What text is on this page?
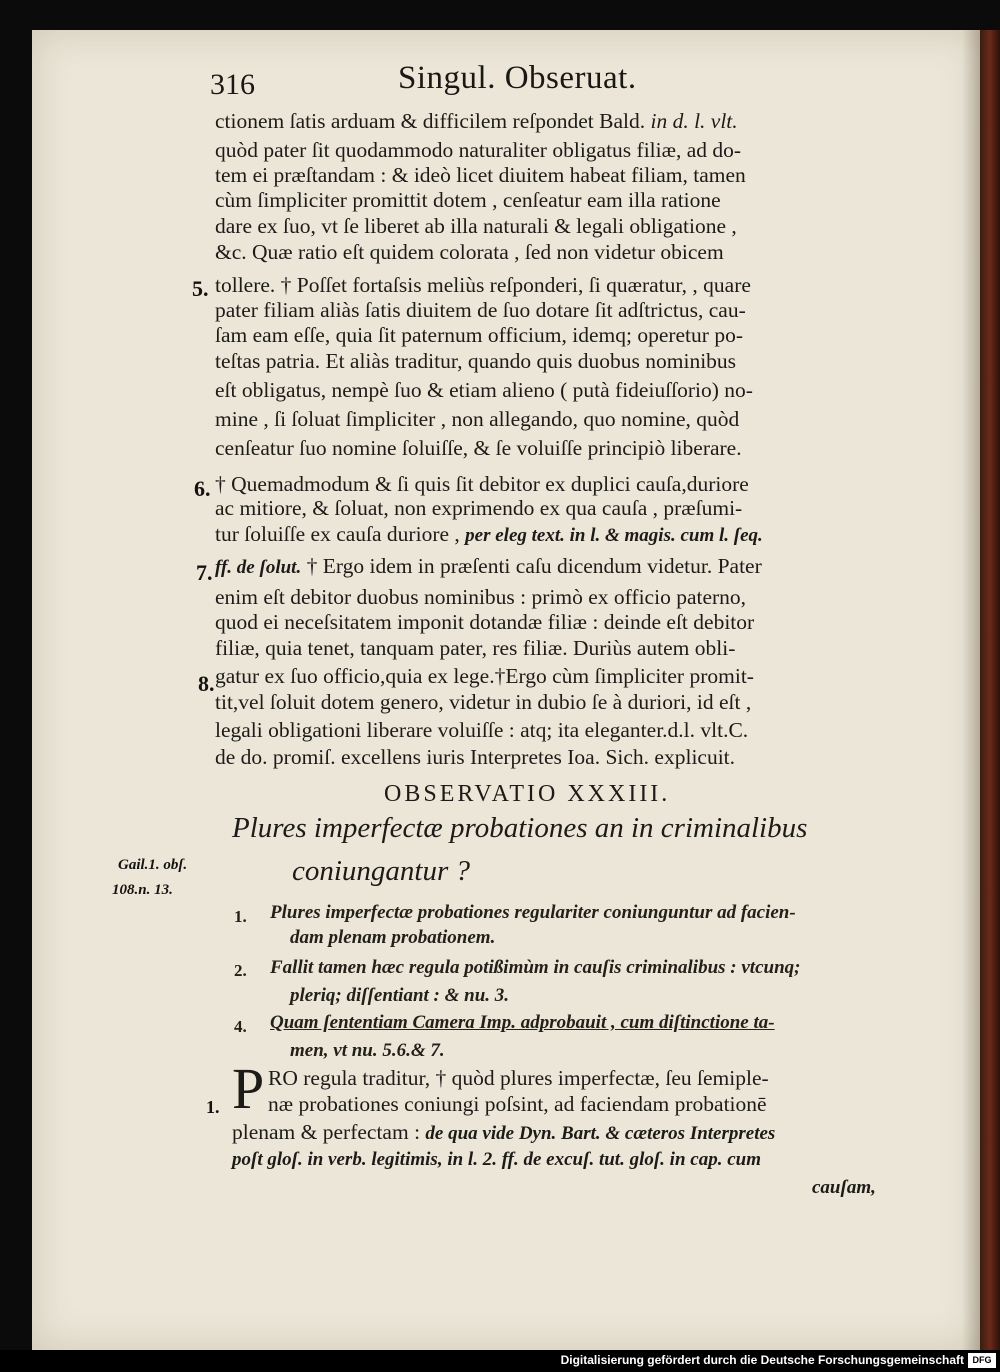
316	Singul. Obseruat.
ctionem ſatis arduam & difficilem reſpondet Bald. in d. l. vlt.
quòd pater ſit quodammodo naturaliter obligatus filiæ, ad do-
tem ei præſtandam : & ideò licet diuitem habeat filiam, tamen
cùm ſimpliciter promittit dotem , cenſeatur eam illa ratione
dare ex ſuo, vt ſe liberet ab illa naturali & legali obligatione ,
&c. Quæ ratio eſt quidem colorata , ſed non videtur obicem
tollere. † Poſſet fortaſsis meliùs reſponderi, ſi quæratur, , quare
pater filiam aliàs ſatis diuitem de ſuo dotare ſit adſtrictus, cau-
ſam eam eſſe, quia ſit paternum officium, idemq; operetur po-
teſtas patria. Et aliàs traditur, quando quis duobus nominibus
eſt obligatus, nempè ſuo & etiam alieno ( putà fideiuſſorio) no-
mine , ſi ſoluat ſimpliciter , non allegando, quo nomine, quòd
cenſeatur ſuo nomine ſoluiſſe, & ſe voluiſſe principiò liberare.
† Quemadmodum & ſi quis ſit debitor ex duplici cauſa,duriore
ac mitiore, & ſoluat, non exprimendo ex qua cauſa , præſumi-
tur ſoluiſſe ex cauſa duriore , per eleg text. in l. & magis. cum l. ſeq.
ff. de ſolut. † Ergo idem in præſenti caſu dicendum videtur. Pater
enim eſt debitor duobus nominibus : primò ex officio paterno,
quod ei neceſsitatem imponit dotandæ filiæ : deinde eſt debitor
filiæ, quia tenet, tanquam pater, res filiæ. Duriùs autem obli-
gatur ex ſuo officio,quia ex lege.†Ergo cùm ſimpliciter promit-
tit,vel ſoluit dotem genero, videtur in dubio ſe à duriori, id eſt ,
legali obligationi liberare voluiſſe : atq; ita eleganter.d.l. vlt.C.
de do. promiſ. excellens iuris Interpretes Ioa. Sich. explicuit.
5.
6.
7.
8.
1.
OBSERVATIO XXXIII.
Plures imperfectæ probationes an in criminalibus
coniungantur ?
Gail.1. obſ.
108.n. 13.
1. Plures imperfectæ probationes regulariter coniunguntur ad facien-
dam plenam probationem.
2. Fallit tamen hæc regula potißimùm in cauſis criminalibus : vtcunq;
pleriq; diſſentiant : & nu. 3.
4. Quam ſententiam Camera Imp. adprobauit , cum diſtinctione ta-
men, vt nu. 5.6.& 7.
P RO regula traditur, † quòd plures imperfectæ, ſeu ſemiple-
næ probationes coniungi poſsint, ad faciendam probationē
plenam & perfectam : de qua vide Dyn. Bart. & cæteros Interpretes
poſt gloſ. in verb. legitimis, in l. 2. ff. de excuſ. tut. gloſ. in cap. cum
cauſam,
Digitalisierung gefördert durch die Deutsche Forschungsgemeinschaft DFG
